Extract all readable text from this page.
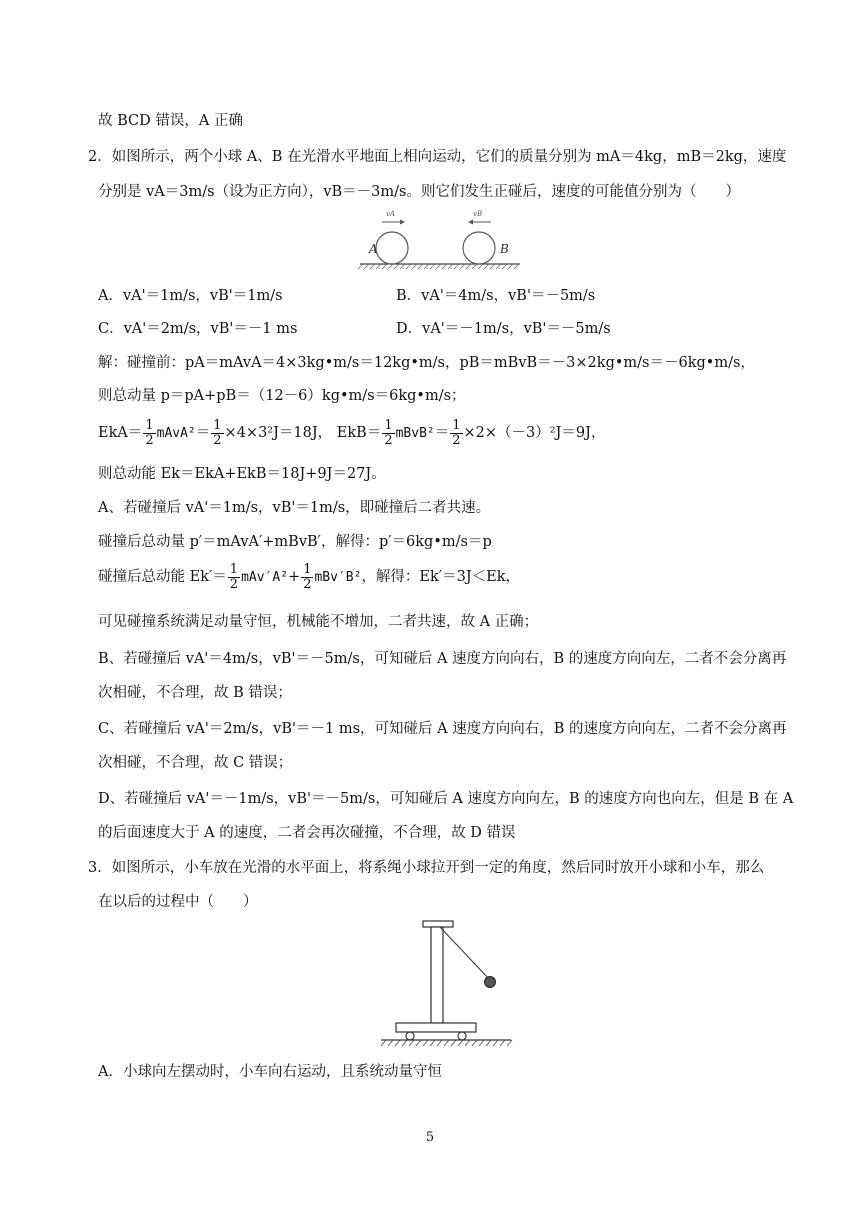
故 BCD 错误，A 正确
2．如图所示，两个小球 A、B 在光滑水平地面上相向运动，它们的质量分别为 mA＝4kg，mB＝2kg，速度
分别是 vA＝3m/s（设为正方向），vB＝－3m/s。则它们发生正碰后，速度的可能值分别为（　　）
A	B
vA	vB
A．vA'＝1m/s，vB'＝1m/s	B．vA'＝4m/s，vB'＝－5m/s
C．vA'＝2m/s，vB'＝－1 ms	D．vA'＝－1m/s，vB'＝－5m/s
解：碰撞前：pA＝mAvA＝4×3kg•m/s＝12kg•m/s，pB＝mBvB＝－3×2kg•m/s＝－6kg•m/s，
则总动量 p＝pA+pB＝（12－6）kg•m/s＝6kg•m/s；
$EkA= \frac{1}{2}$ mAvA²＝ $\frac{1}{2} \times 4\times 3^2J=18J$， $EkB= \frac{1}{2}$ mBvB²＝ $\frac{1}{2} \times 2\times(-3)^2J=9J$，
则总动能 Ek＝EkA+EkB＝18J+9J＝27J。
A、若碰撞后 vA'＝1m/s，vB'＝1m/s，即碰撞后二者共速。
碰撞后总动量 p′＝mAvA′+mBvB′，解得：p′＝6kg•m/s＝p
碰撞后总动能 $Ek'= \frac{1}{2} mAv'A^2+ \frac{1}{2} mBv'B^2$，解得：Ek′＝3J＜Ek，
可见碰撞系统满足动量守恒，机械能不增加，二者共速，故 A 正确；
B、若碰撞后 vA'＝4m/s，vB'＝－5m/s，可知碰后 A 速度方向向右，B 的速度方向向左，二者不会分离再
次相碰，不合理，故 B 错误；
C、若碰撞后 vA'＝2m/s，vB'＝－1 ms，可知碰后 A 速度方向向右，B 的速度方向向左，二者不会分离再
次相碰，不合理，故 C 错误；
D、若碰撞后 vA'＝－1m/s，vB'＝－5m/s，可知碰后 A 速度方向向左，B 的速度方向也向左，但是 B 在 A
的后面速度大于 A 的速度，二者会再次碰撞，不合理，故 D 错误
3．如图所示，小车放在光滑的水平面上，将系绳小球拉开到一定的角度，然后同时放开小球和小车，那么
在以后的过程中（　　）
A．小球向左摆动时，小车向右运动，且系统动量守恒
5
